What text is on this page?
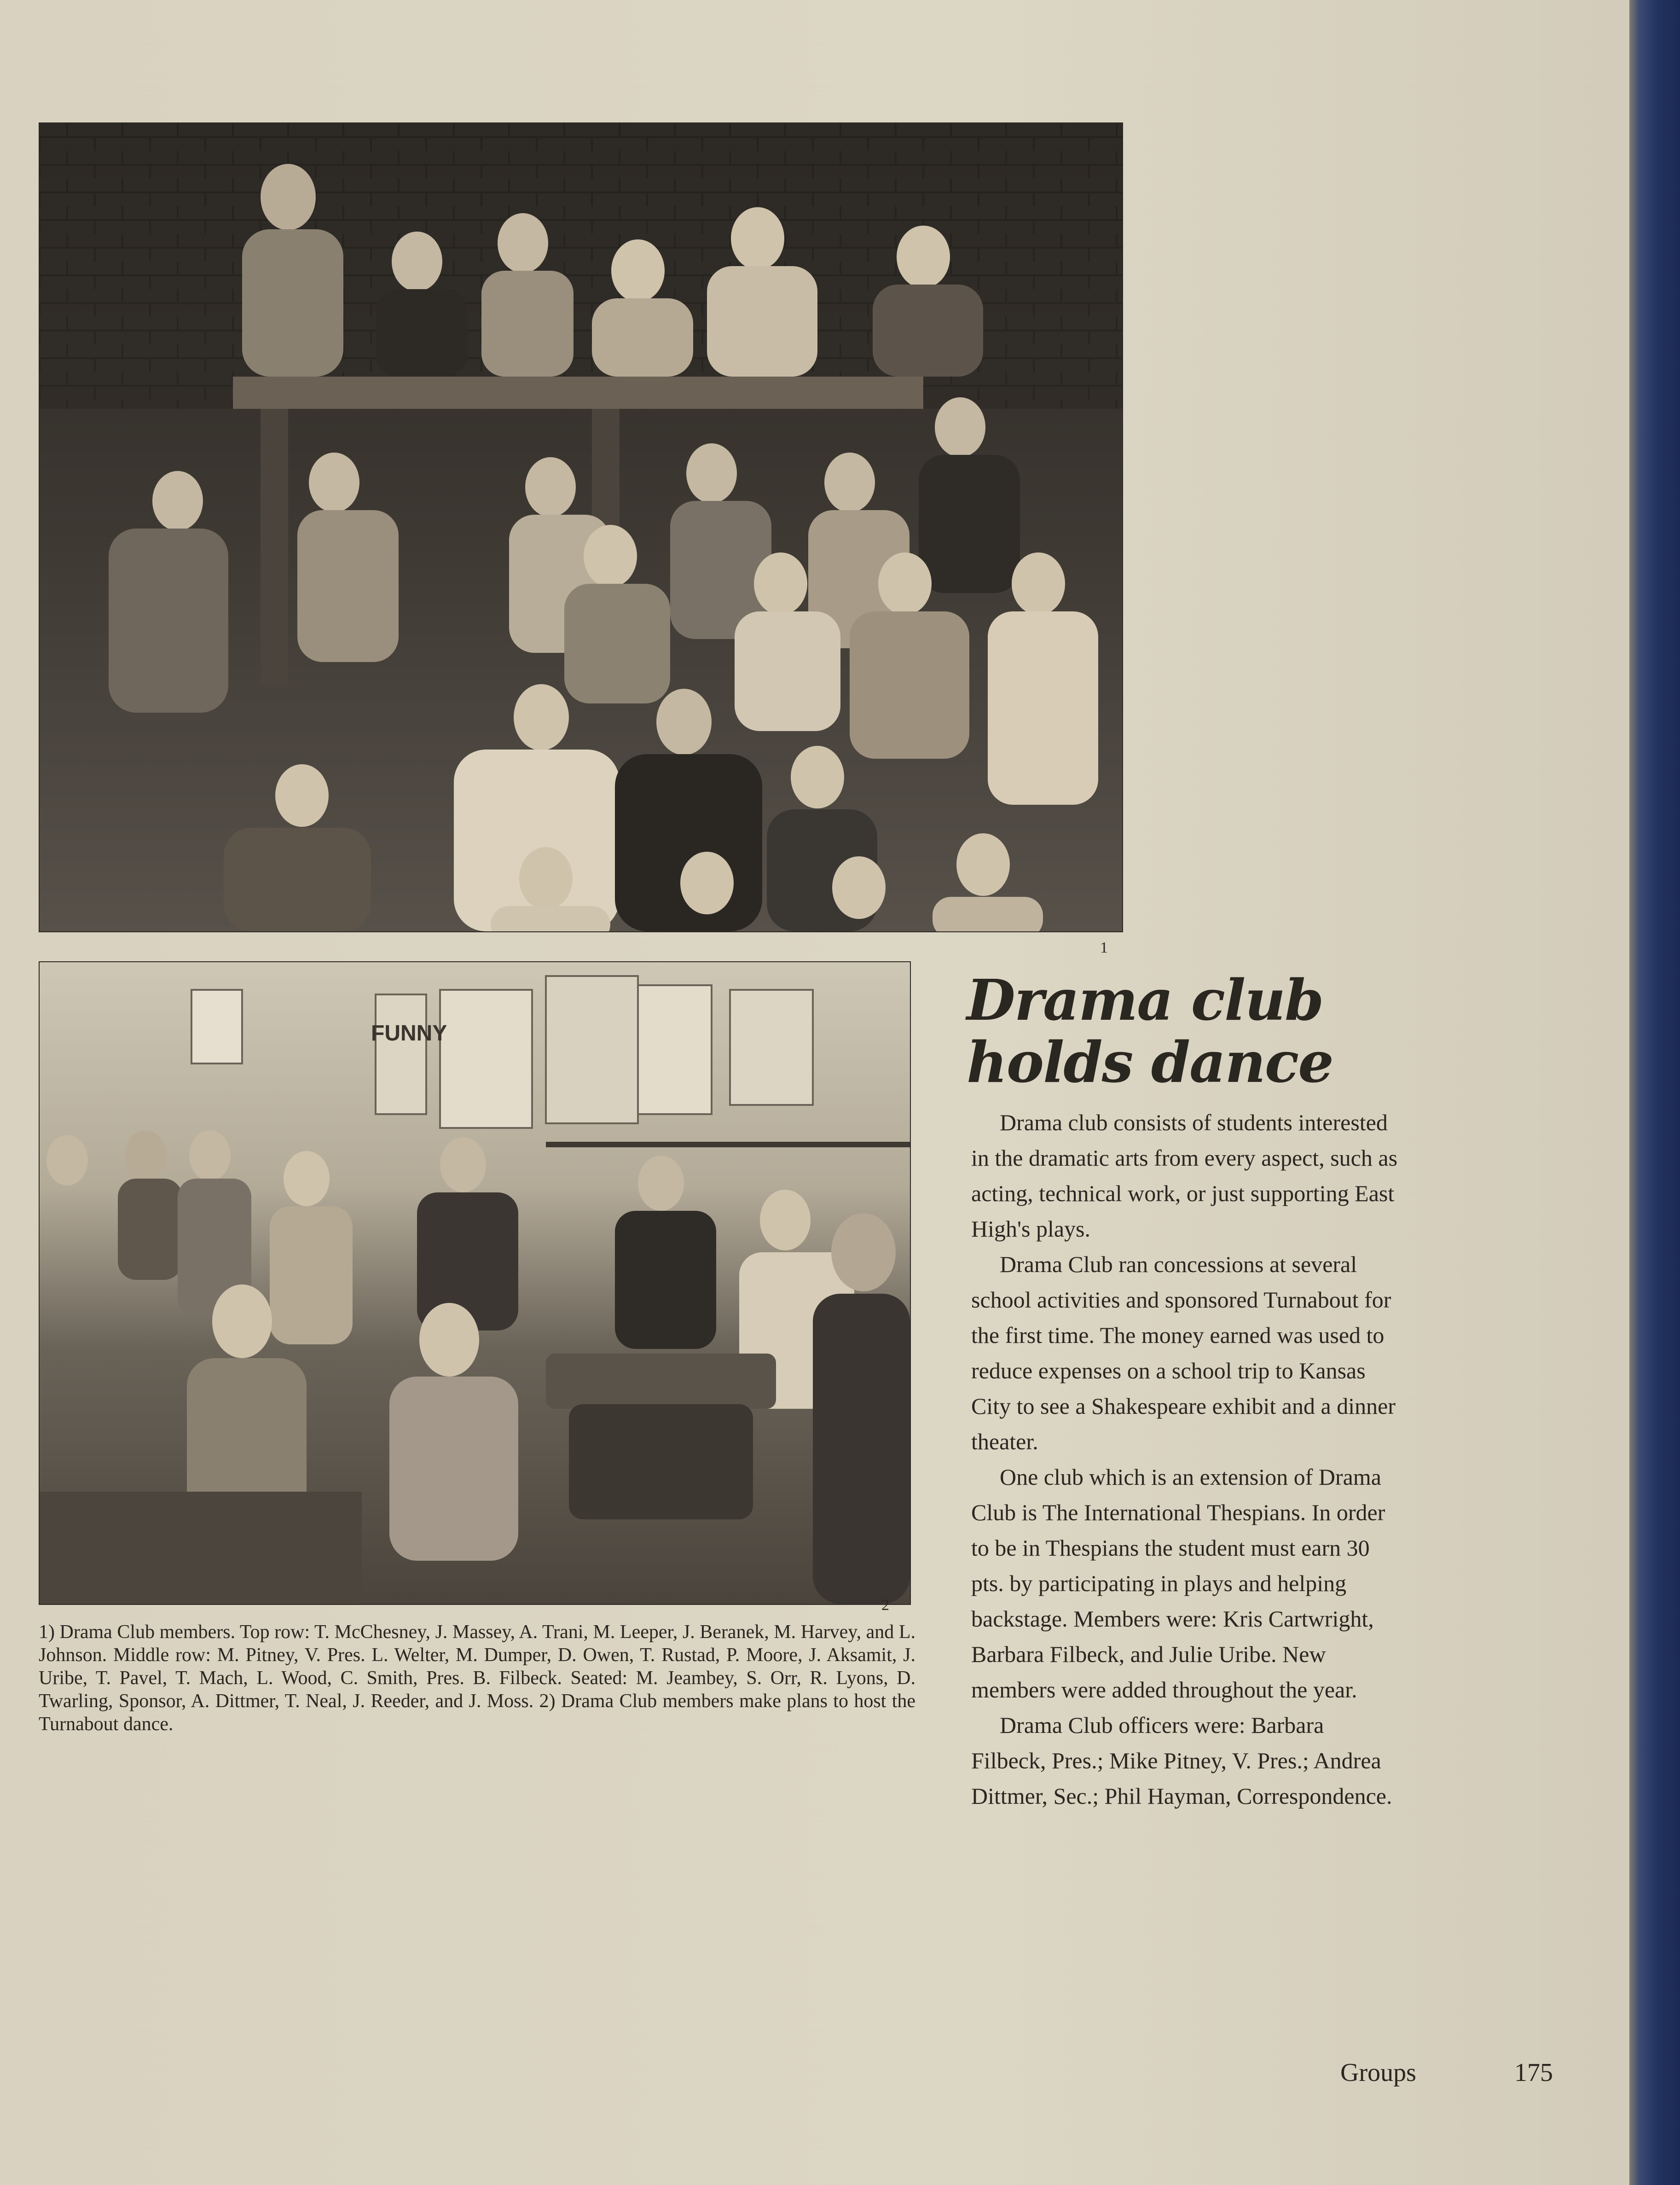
1
FUNNY
2
1) Drama Club members. Top row: T. McChesney, J. Massey, A. Trani, M. Leeper, J. Beranek, M. Harvey, and L. Johnson. Middle row: M. Pitney, V. Pres. L. Welter, M. Dumper, D. Owen, T. Rustad, P. Moore, J. Aksamit, J. Uribe, T. Pavel, T. Mach, L. Wood, C. Smith, Pres. B. Filbeck. Seated: M. Jeambey, S. Orr, R. Lyons, D. Twarling, Sponsor, A. Dittmer, T. Neal, J. Reeder, and J. Moss. 2) Drama Club members make plans to host the Turnabout dance.
Drama club
holds dance

Drama club consists of students interested in the dramatic arts from every aspect, such as acting, technical work, or just supporting East High's plays.

Drama Club ran concessions at several school activities and sponsored Turnabout for the first time. The money earned was used to reduce expenses on a school trip to Kansas City to see a Shakespeare exhibit and a dinner theater.

One club which is an extension of Drama Club is The International Thespians. In order to be in Thespians the student must earn 30 pts. by participating in plays and helping backstage. Members were: Kris Cartwright, Barbara Filbeck, and Julie Uribe. New members were added throughout the year.

Drama Club officers were: Barbara Filbeck, Pres.; Mike Pitney, V. Pres.; Andrea Dittmer, Sec.; Phil Hayman, Correspondence.

Groups	175
